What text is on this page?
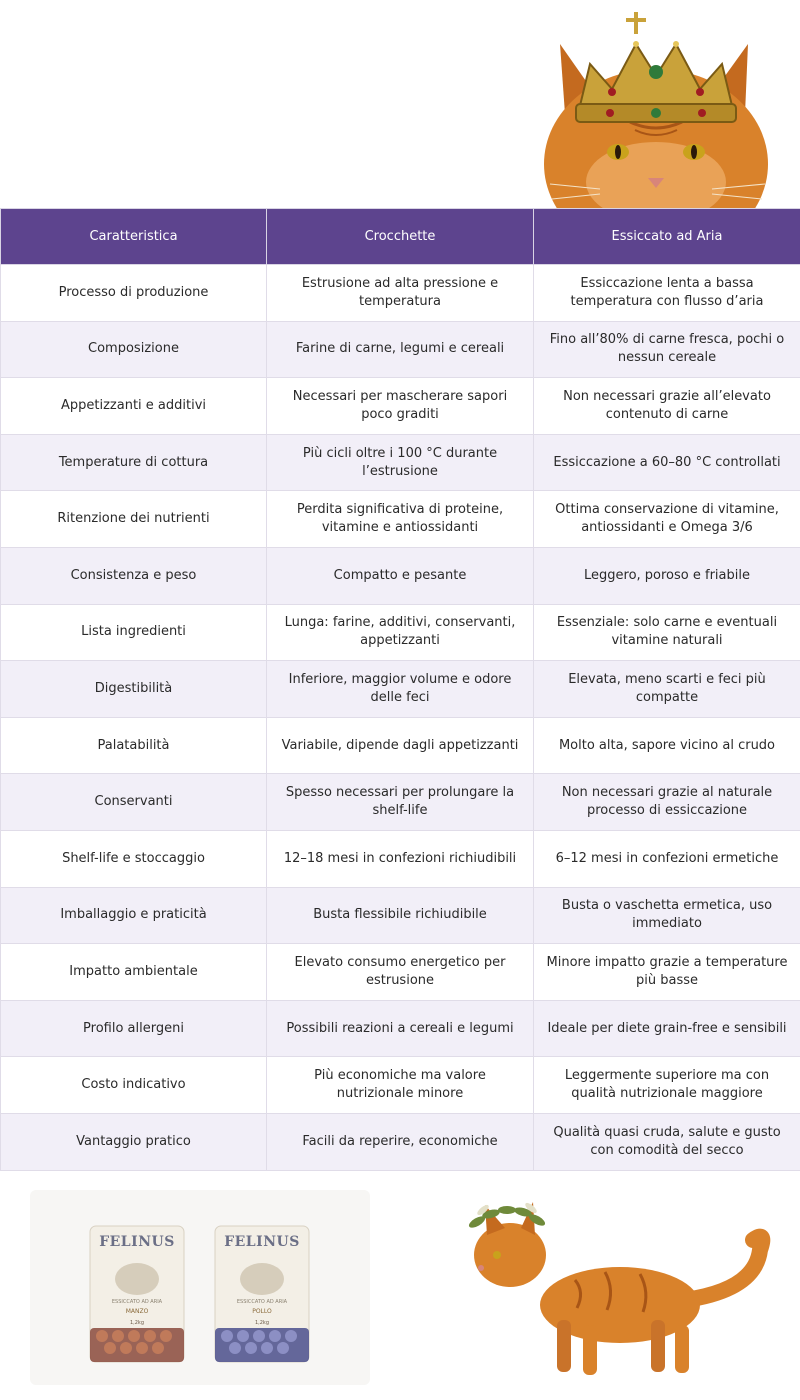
Caratteristica	Crocchette	Essiccato ad Aria
Processo di produzione	Estrusione ad alta pressione e temperatura	Essiccazione lenta a bassa temperatura con flusso d’aria
Composizione	Farine di carne, legumi e cereali	Fino all’80% di carne fresca, pochi o nessun cereale
Appetizzanti e additivi	Necessari per mascherare sapori poco graditi	Non necessari grazie all’elevato contenuto di carne
Temperature di cottura	Più cicli oltre i 100 °C durante l’estrusione	Essiccazione a 60–80 °C controllati
Ritenzione dei nutrienti	Perdita significativa di proteine, vitamine e antiossidanti	Ottima conservazione di vitamine, antiossidanti e Omega 3/6
Consistenza e peso	Compatto e pesante	Leggero, poroso e friabile
Lista ingredienti	Lunga: farine, additivi, conservanti, appetizzanti	Essenziale: solo carne e eventuali vitamine naturali
Digestibilità	Inferiore, maggior volume e odore delle feci	Elevata, meno scarti e feci più compatte
Palatabilità	Variabile, dipende dagli appetizzanti	Molto alta, sapore vicino al crudo
Conservanti	Spesso necessari per prolungare la shelf-life	Non necessari grazie al naturale processo di essiccazione
Shelf-life e stoccaggio	12–18 mesi in confezioni richiudibili	6–12 mesi in confezioni ermetiche
Imballaggio e praticità	Busta flessibile richiudibile	Busta o vaschetta ermetica, uso immediato
Impatto ambientale	Elevato consumo energetico per estrusione	Minore impatto grazie a temperature più basse
Profilo allergeni	Possibili reazioni a cereali e legumi	Ideale per diete grain-free e sensibili
Costo indicativo	Più economiche ma valore nutrizionale minore	Leggermente superiore ma con qualità nutrizionale maggiore
Vantaggio pratico	Facili da reperire, economiche	Qualità quasi cruda, salute e gusto con comodità del secco
FELINUS
ESSICCATO AD ARIA
MANZO
1,2kg
FELINUS
ESSICCATO AD ARIA
POLLO
1,2kg
